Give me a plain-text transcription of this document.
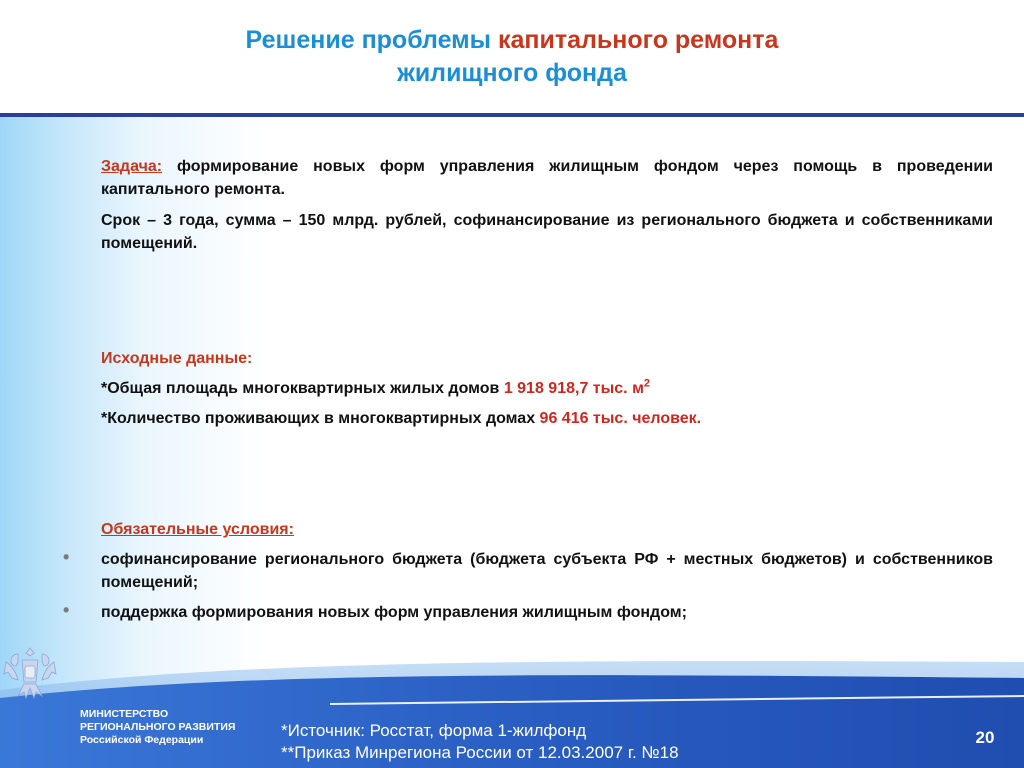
Решение проблемы капитального ремонта
жилищного фонда

Задача: формирование новых форм управления жилищным фондом через помощь в проведении капитального ремонта.

Срок – 3 года, сумма – 150 млрд. рублей, софинансирование из регионального бюджета и собственниками помещений.

Исходные данные:
*Общая площадь многоквартирных жилых домов 1 918 918,7 тыс. $м^2$
*Количество проживающих в многоквартирных домах 96 416 тыс. человек.
Обязательные условия:
• софинансирование регионального бюджета (бюджета субъекта РФ + местных бюджетов) и собственников помещений;
• поддержка формирования новых форм управления жилищным фондом;
МИНИСТЕРСТВО
РЕГИОНАЛЬНОГО РАЗВИТИЯ
Российской Федерации	*Источник: Росстат, форма 1-жилфонд
**Приказ Минрегиона России от 12.03.2007 г. №18
20
